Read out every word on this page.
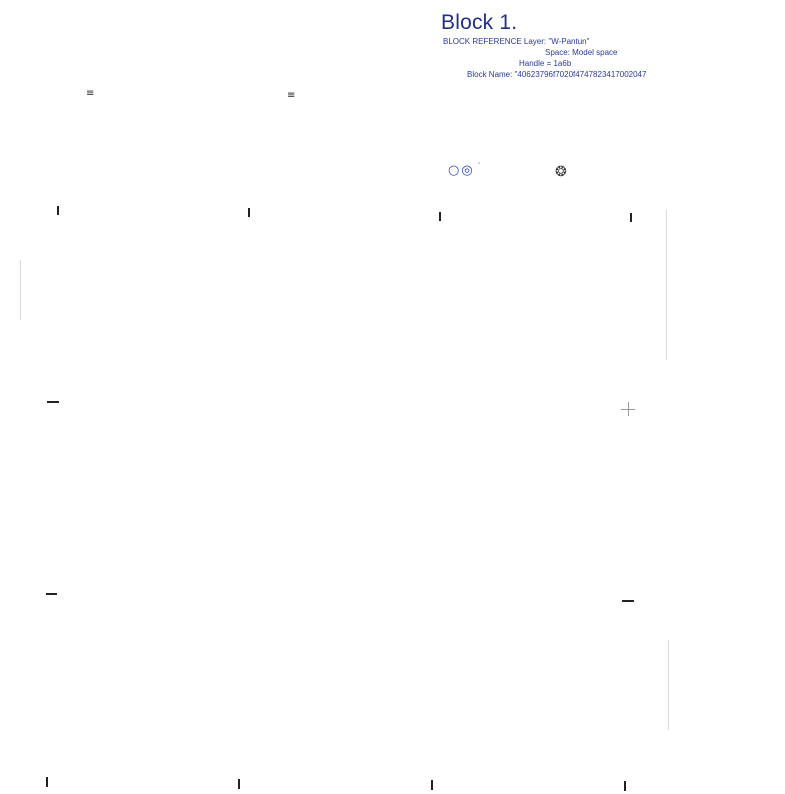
Block 1.

BLOCK REFERENCE Layer: "W-Pantun"

Space: Model space

Handle = 1a6b

Block Name: "40623796f7020f4747823417002047

≡	≡
○ ◎ ´	❂
